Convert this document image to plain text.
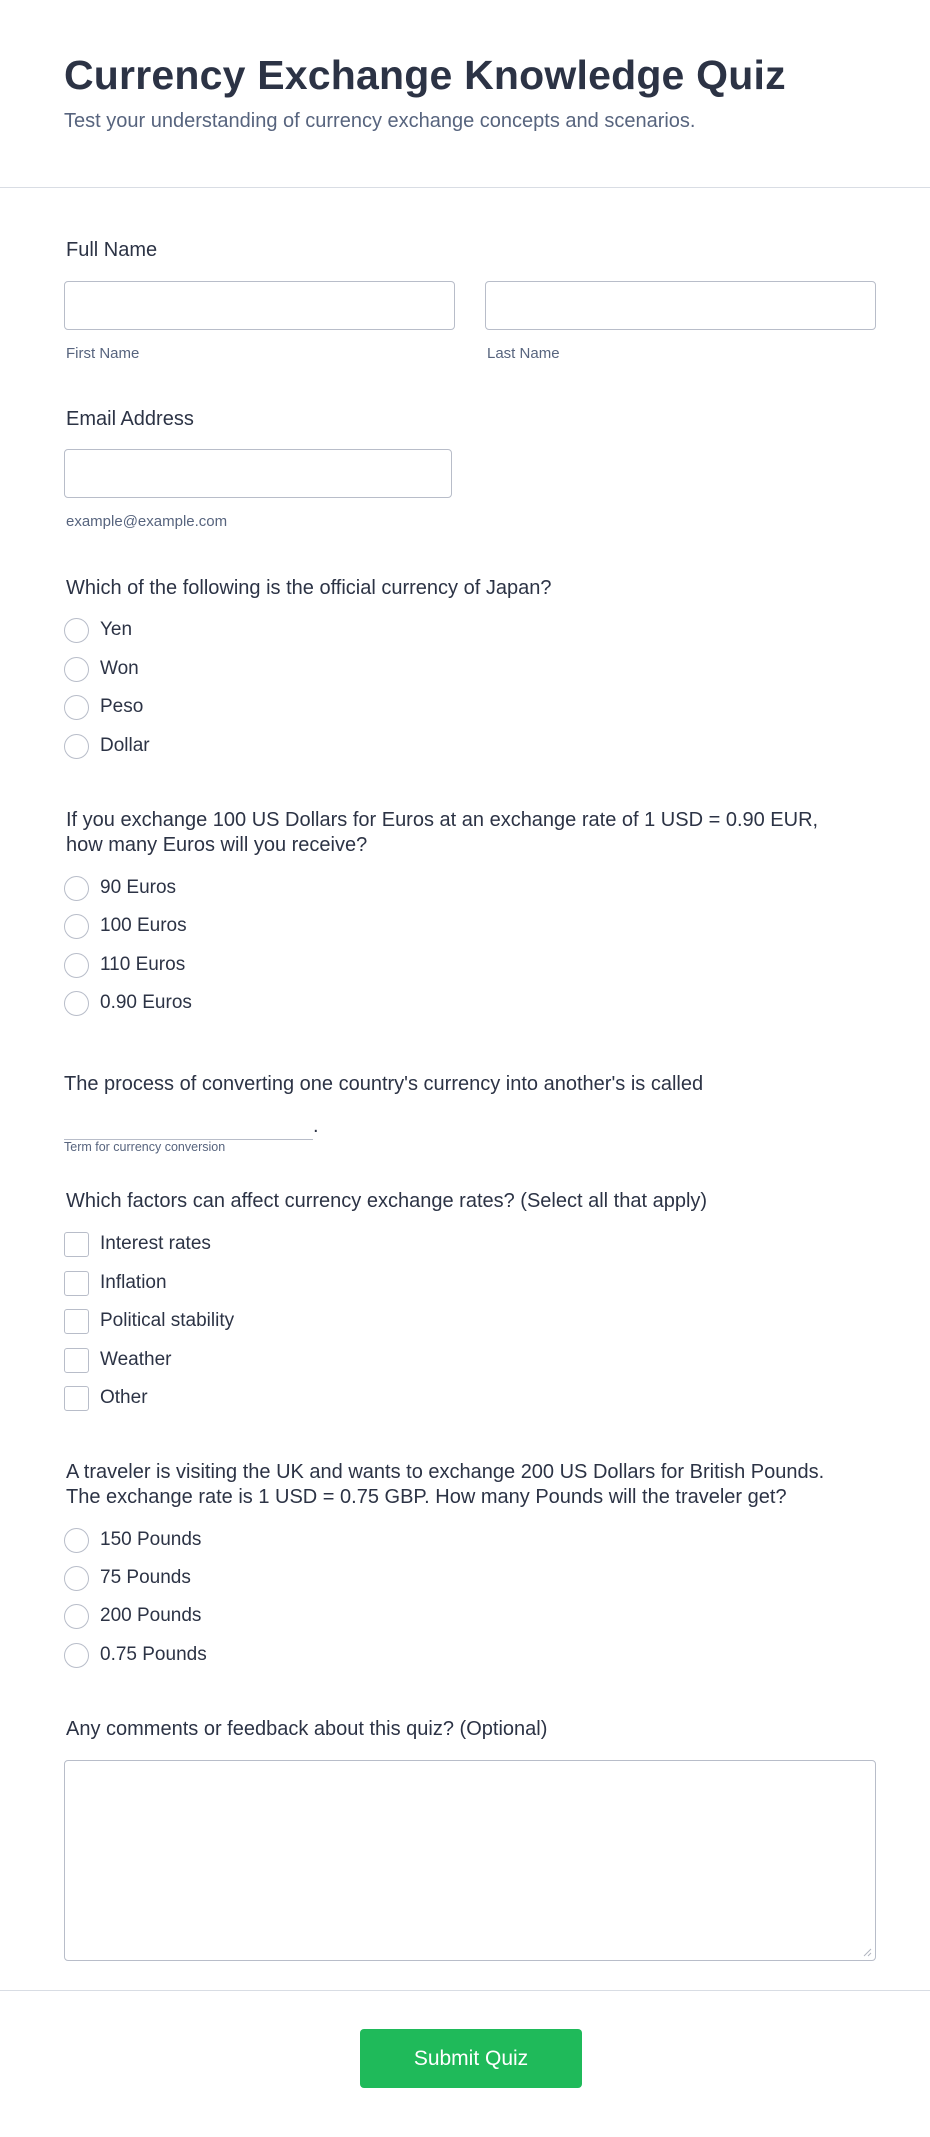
Currency Exchange Knowledge Quiz
Test your understanding of currency exchange concepts and scenarios.
Full Name
First Name	Last Name
Email Address
example@example.com
Which of the following is the official currency of Japan?
Yen
Won
Peso
Dollar
If you exchange 100 US Dollars for Euros at an exchange rate of 1 USD = 0.90 EUR,
how many Euros will you receive?
90 Euros
100 Euros
110 Euros
0.90 Euros
The process of converting one country's currency into another's is called
.
Term for currency conversion
Which factors can affect currency exchange rates? (Select all that apply)
Interest rates
Inflation
Political stability
Weather
Other
A traveler is visiting the UK and wants to exchange 200 US Dollars for British Pounds.
The exchange rate is 1 USD = 0.75 GBP. How many Pounds will the traveler get?
150 Pounds
75 Pounds
200 Pounds
0.75 Pounds
Any comments or feedback about this quiz? (Optional)
Submit Quiz
